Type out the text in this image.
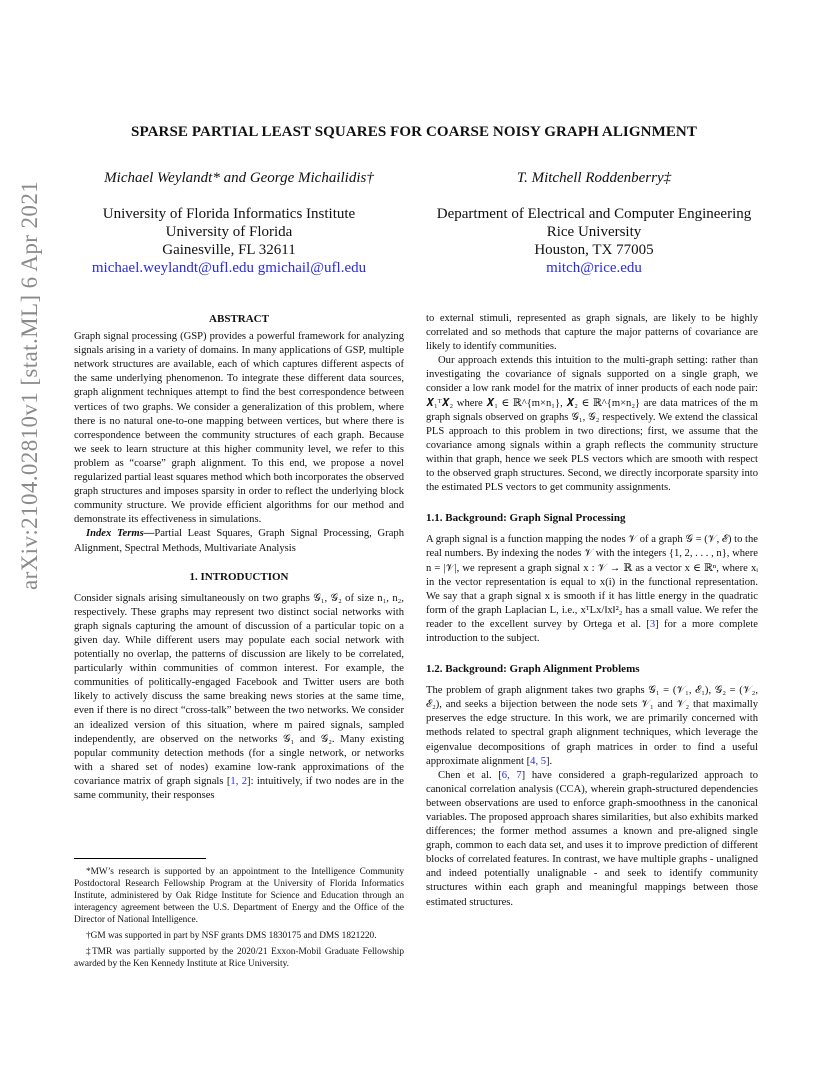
arXiv:2104.02810v1 [stat.ML] 6 Apr 2021
SPARSE PARTIAL LEAST SQUARES FOR COARSE NOISY GRAPH ALIGNMENT
Michael Weylandt* and George Michailidis†	T. Mitchell Roddenberry‡
University of Florida Informatics Institute
University of Florida
Gainesville, FL 32611
michael.weylandt@ufl.edu gmichail@ufl.edu
Department of Electrical and Computer Engineering
Rice University
Houston, TX 77005
mitch@rice.edu

ABSTRACT

Graph signal processing (GSP) provides a powerful framework for analyzing signals arising in a variety of domains. In many applications of GSP, multiple network structures are available, each of which captures different aspects of the same underlying phenomenon. To integrate these different data sources, graph alignment techniques attempt to find the best correspondence between vertices of two graphs. We consider a generalization of this problem, where there is no natural one-to-one mapping between vertices, but where there is correspondence between the community structures of each graph. Because we seek to learn structure at this higher community level, we refer to this problem as “coarse” graph alignment. To this end, we propose a novel regularized partial least squares method which both incorporates the observed graph structures and imposes sparsity in order to reflect the underlying block community structure. We provide efficient algorithms for our method and demonstrate its effectiveness in simulations.

Index Terms—Partial Least Squares, Graph Signal Processing, Graph Alignment, Spectral Methods, Multivariate Analysis

1. INTRODUCTION

Consider signals arising simultaneously on two graphs 𝒢₁, 𝒢₂ of size n₁, n₂, respectively. These graphs may represent two distinct social networks with graph signals capturing the amount of discussion of a particular topic on a given day. While different users may populate each social network with potentially no overlap, the patterns of discussion are likely to be correlated, particularly within communities of common interest. For example, the communities of politically-engaged Facebook and Twitter users are both likely to actively discuss the same breaking news stories at the same time, even if there is no direct “cross-talk” between the two networks. We consider an idealized version of this situation, where m paired signals, sampled independently, are observed on the networks 𝒢₁ and 𝒢₂. Many existing popular community detection methods (for a single network, or networks with a shared set of nodes) examine low-rank approximations of the covariance matrix of graph signals [1, 2]: intuitively, if two nodes are in the same community, their responses

*MW’s research is supported by an appointment to the Intelligence Community Postdoctoral Research Fellowship Program at the University of Florida Informatics Institute, administered by Oak Ridge Institute for Science and Education through an interagency agreement between the U.S. Department of Energy and the Office of the Director of National Intelligence.

†GM was supported in part by NSF grants DMS 1830175 and DMS 1821220.

‡TMR was partially supported by the 2020/21 Exxon-Mobil Graduate Fellowship awarded by the Ken Kennedy Institute at Rice University.

to external stimuli, represented as graph signals, are likely to be highly correlated and so methods that capture the major patterns of covariance are likely to identify communities.

Our approach extends this intuition to the multi-graph setting: rather than investigating the covariance of signals supported on a single graph, we consider a low rank model for the matrix of inner products of each node pair: 𝑿₁ᵀ𝑿₂ where 𝑿₁ ∈ ℝ^{m×n₁}, 𝑿₂ ∈ ℝ^{m×n₂} are data matrices of the m graph signals observed on graphs 𝒢₁, 𝒢₂ respectively. We extend the classical PLS approach to this problem in two directions; first, we assume that the covariance among signals within a graph reflects the community structure within that graph, hence we seek PLS vectors which are smooth with respect to the observed graph structures. Second, we directly incorporate sparsity into the estimated PLS vectors to get community assignments.

1.1. Background: Graph Signal Processing

A graph signal is a function mapping the nodes 𝒱 of a graph 𝒢 = (𝒱, ℰ) to the real numbers. By indexing the nodes 𝒱 with the integers {1, 2, . . . , n}, where n = |𝒱|, we represent a graph signal x : 𝒱 → ℝ as a vector x ∈ ℝⁿ, where xᵢ in the vector representation is equal to x(i) in the functional representation. We say that a graph signal x is smooth if it has little energy in the quadratic form of the graph Laplacian L, i.e., xᵀLx/‖x‖²₂ has a small value. We refer the reader to the excellent survey by Ortega et al. [3] for a more complete introduction to the subject.

1.2. Background: Graph Alignment Problems

The problem of graph alignment takes two graphs 𝒢₁ = (𝒱₁, ℰ₁), 𝒢₂ = (𝒱₂, ℰ₂), and seeks a bijection between the node sets 𝒱₁ and 𝒱₂ that maximally preserves the edge structure. In this work, we are primarily concerned with methods related to spectral graph alignment techniques, which leverage the eigenvalue decompositions of graph matrices in order to find a useful approximate alignment [4, 5].

Chen et al. [6, 7] have considered a graph-regularized approach to canonical correlation analysis (CCA), wherein graph-structured dependencies between observations are used to enforce graph-smoothness in the canonical variables. The proposed approach shares similarities, but also exhibits marked differences; the former method assumes a known and pre-aligned single graph, common to each data set, and uses it to improve prediction of different blocks of correlated features. In contrast, we have multiple graphs - unaligned and indeed potentially unalignable - and seek to identify community structures within each graph and meaningful mappings between those estimated structures.
